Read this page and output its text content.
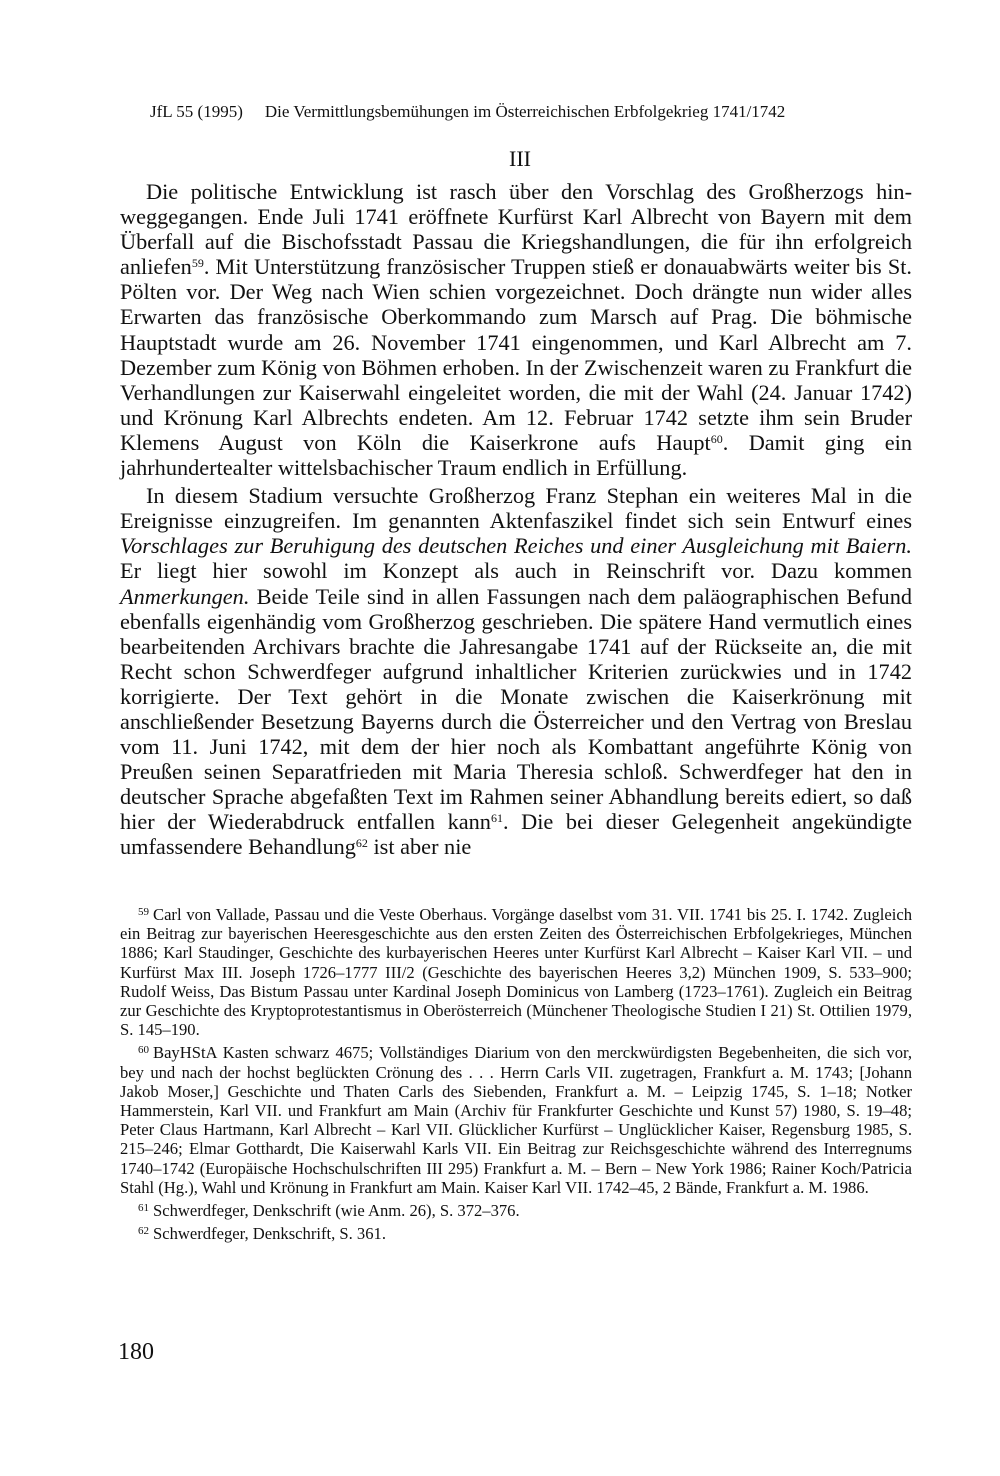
JfL 55 (1995) Die Vermittlungsbemühungen im Österreichischen Erbfolgekrieg 1741/1742
III

Die politische Entwicklung ist rasch über den Vorschlag des Großherzogs hinweggegangen. Ende Juli 1741 eröffnete Kurfürst Karl Albrecht von Bayern mit dem Überfall auf die Bischofsstadt Passau die Kriegshandlungen, die für ihn erfolgreich anliefen$^{59}$. Mit Unterstützung französischer Truppen stieß er donauabwärts weiter bis St. Pölten vor. Der Weg nach Wien schien vorgezeichnet. Doch drängte nun wider alles Erwarten das französische Oberkommando zum Marsch auf Prag. Die böhmische Hauptstadt wurde am 26. November 1741 eingenommen, und Karl Albrecht am 7. Dezember zum König von Böhmen erhoben. In der Zwischenzeit waren zu Frankfurt die Verhandlungen zur Kaiserwahl eingeleitet worden, die mit der Wahl (24. Januar 1742) und Krönung Karl Albrechts endeten. Am 12. Februar 1742 setzte ihm sein Bruder Klemens August von Köln die Kaiserkrone aufs Haupt$^{60}$. Damit ging ein jahrhundertealter wittelsbachischer Traum endlich in Erfüllung.

In diesem Stadium versuchte Großherzog Franz Stephan ein weiteres Mal in die Ereignisse einzugreifen. Im genannten Aktenfaszikel findet sich sein Entwurf eines Vorschlages zur Beruhigung des deutschen Reiches und einer Ausgleichung mit Baiern. Er liegt hier sowohl im Konzept als auch in Reinschrift vor. Dazu kommen Anmerkungen. Beide Teile sind in allen Fassungen nach dem paläographischen Befund ebenfalls eigenhändig vom Großherzog geschrieben. Die spätere Hand vermutlich eines bearbeitenden Archivars brachte die Jahresangabe 1741 auf der Rückseite an, die mit Recht schon Schwerdfeger aufgrund inhaltlicher Kriterien zurückwies und in 1742 korrigierte. Der Text gehört in die Monate zwischen die Kaiserkrönung mit anschließender Besetzung Bayerns durch die Österreicher und den Vertrag von Breslau vom 11. Juni 1742, mit dem der hier noch als Kombattant angeführte König von Preußen seinen Separatfrieden mit Maria Theresia schloß. Schwerdfeger hat den in deutscher Sprache abgefaßten Text im Rahmen seiner Abhandlung bereits ediert, so daß hier der Wiederabdruck entfallen kann$^{61}$. Die bei dieser Gelegenheit angekündigte umfassendere Behandlung$^{62}$ ist aber nie

$^{59}$ Carl von Vallade, Passau und die Veste Oberhaus. Vorgänge daselbst vom 31. VII. 1741 bis 25. I. 1742. Zugleich ein Beitrag zur bayerischen Heeresgeschichte aus den ersten Zeiten des Österreichischen Erbfolgekrieges, München 1886; Karl Staudinger, Geschichte des kurbayerischen Heeres unter Kurfürst Karl Albrecht – Kaiser Karl VII. – und Kurfürst Max III. Joseph 1726–1777 III/2 (Geschichte des bayerischen Heeres 3,2) München 1909, S. 533–900; Rudolf Weiss, Das Bistum Passau unter Kardinal Joseph Dominicus von Lamberg (1723–1761). Zugleich ein Beitrag zur Geschichte des Kryptoprotestantismus in Oberösterreich (Münchener Theologische Studien I 21) St. Ottilien 1979, S. 145–190.

$^{60}$ BayHStA Kasten schwarz 4675; Vollständiges Diarium von den merckwürdigsten Begebenheiten, die sich vor, bey und nach der hochst beglückten Crönung des . . . Herrn Carls VII. zugetragen, Frankfurt a. M. 1743; [Johann Jakob Moser,] Geschichte und Thaten Carls des Siebenden, Frankfurt a. M. – Leipzig 1745, S. 1–18; Notker Hammerstein, Karl VII. und Frankfurt am Main (Archiv für Frankfurter Geschichte und Kunst 57) 1980, S. 19–48; Peter Claus Hartmann, Karl Albrecht – Karl VII. Glücklicher Kurfürst – Unglücklicher Kaiser, Regensburg 1985, S. 215–246; Elmar Gotthardt, Die Kaiserwahl Karls VII. Ein Beitrag zur Reichsgeschichte während des Interregnums 1740–1742 (Europäische Hochschulschriften III 295) Frankfurt a. M. – Bern – New York 1986; Rainer Koch/Patricia Stahl (Hg.), Wahl und Krönung in Frankfurt am Main. Kaiser Karl VII. 1742–45, 2 Bände, Frankfurt a. M. 1986.

$^{61}$ Schwerdfeger, Denkschrift (wie Anm. 26), S. 372–376.

$^{62}$ Schwerdfeger, Denkschrift, S. 361.

180
